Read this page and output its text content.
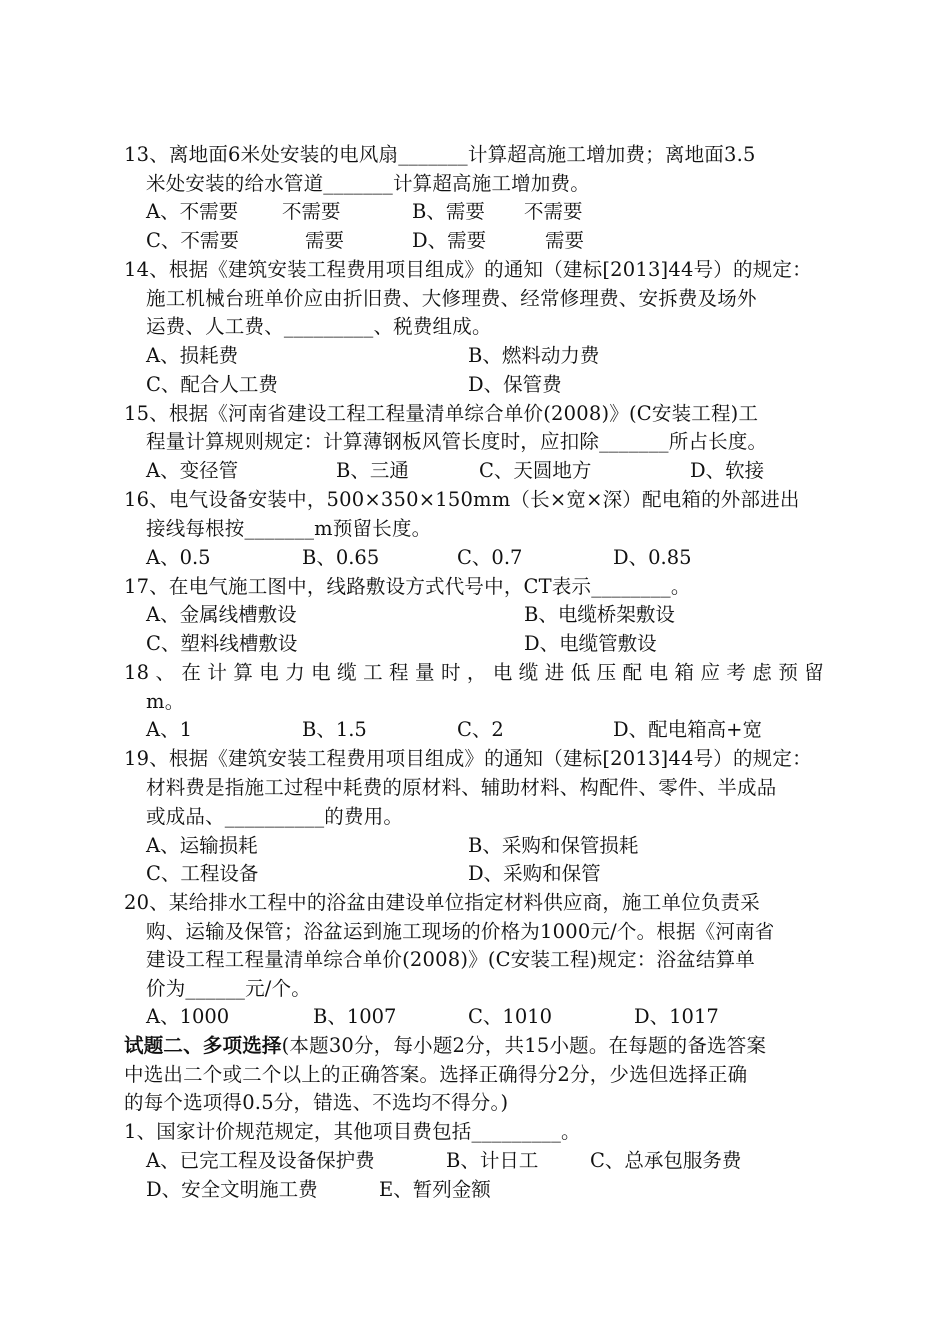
13、离地面6米处安装的电风扇_______计算超高施工增加费；离地面3.5
米处安装的给水管道_______计算超高施工增加费。
A、不需要 不需要	B、需要 不需要
C、不需要	需要	D、需要	需要
14、根据《建筑安装工程费用项目组成》的通知（建标[2013]44号）的规定：
施工机械台班单价应由折旧费、大修理费、经常修理费、安拆费及场外
运费、人工费、_________、税费组成。
A、损耗费	B、燃料动力费
C、配合人工费	D、保管费
15、根据《河南省建设工程工程量清单综合单价(2008)》(C安装工程)工
程量计算规则规定：计算薄钢板风管长度时，应扣除_______所占长度。
A、变径管	B、三通	C、天圆地方	D、软接
16、电气设备安装中，500×350×150mm（长×宽×深）配电箱的外部进出
接线每根按_______m预留长度。
A、0.5	B、0.65	C、0.7	D、0.85
17、在电气施工图中，线路敷设方式代号中，CT表示________。
A、金属线槽敷设	B、电缆桥架敷设
C、塑料线槽敷设	D、电缆管敷设
18、在计算电力电缆工程量时，电缆进低压配电箱应考虑预留
m。
A、1	B、1.5	C、2	D、配电箱高+宽
19、根据《建筑安装工程费用项目组成》的通知（建标[2013]44号）的规定：
材料费是指施工过程中耗费的原材料、辅助材料、构配件、零件、半成品
或成品、__________的费用。
A、运输损耗	B、采购和保管损耗
C、工程设备	D、采购和保管
20、某给排水工程中的浴盆由建设单位指定材料供应商，施工单位负责采
购、运输及保管；浴盆运到施工现场的价格为1000元/个。根据《河南省
建设工程工程量清单综合单价(2008)》(C安装工程)规定：浴盆结算单
价为______元/个。
A、1000	B、1007	C、1010	D、1017
试题二、多项选择(本题30分，每小题2分，共15小题。在每题的备选答案
中选出二个或二个以上的正确答案。选择正确得分2分，少选但选择正确
的每个选项得0.5分，错选、不选均不得分。)
1、国家计价规范规定，其他项目费包括_________。
A、已完工程及设备保护费	B、计日工	C、总承包服务费
D、安全文明施工费	E、暂列金额
